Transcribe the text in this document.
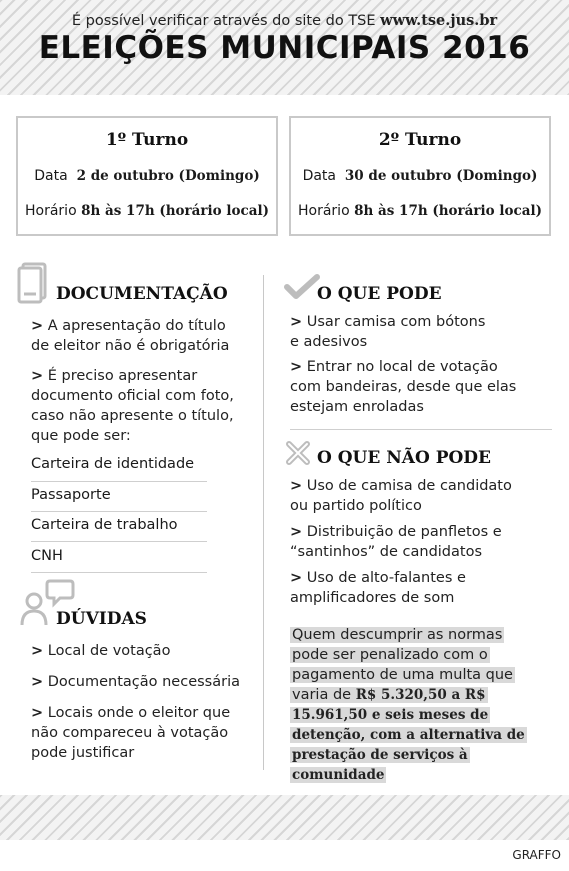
ELEIÇÕES MUNICIPAIS 2016
1º Turno
Data 2 de outubro (Domingo)
Horário 8h às 17h (horário local)
2º Turno
Data 30 de outubro (Domingo)
Horário 8h às 17h (horário local)
DOCUMENTAÇÃO
> A apresentação do título de eleitor não é obrigatória
> É preciso apresentar documento oficial com foto, caso não apresente o título, que pode ser:
Carteira de identidade
Passaporte
Carteira de trabalho
CNH
DÚVIDAS
> Local de votação
> Documentação necessária
> Locais onde o eleitor que não compareceu à votação pode justificar
O QUE PODE
> Usar camisa com bótons e adesivos
> Entrar no local de votação com bandeiras, desde que elas estejam enroladas
O QUE NÃO PODE
> Uso de camisa de candidato ou partido político
> Distribuição de panfletos e “santinhos” de candidatos
> Uso de alto-falantes e amplificadores de som
Quem descumprir as normas pode ser penalizado com o pagamento de uma multa que varia de R$ 5.320,50 a R$ 15.961,50 e seis meses de detenção, com a alternativa de prestação de serviços à comunidade
É possível verificar através do site do TSE www.tse.jus.br
GRAFFO
